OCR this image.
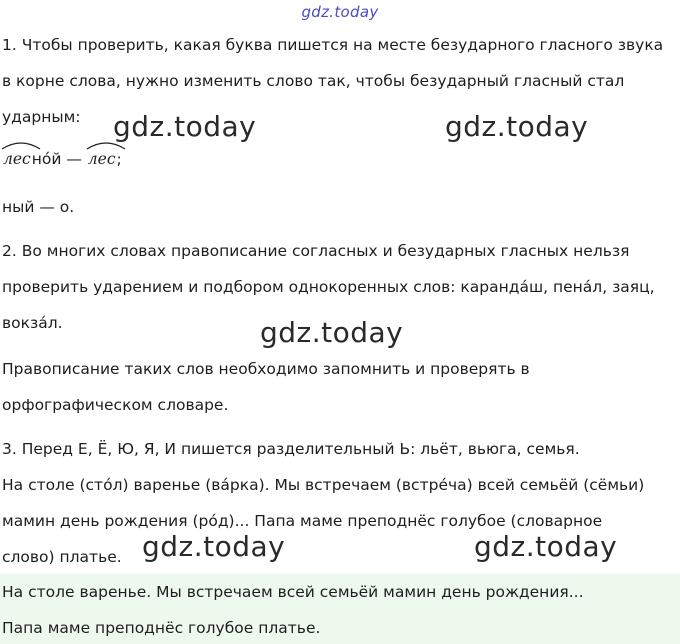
gdz.today
1. Чтобы проверить, какая буква пишется на месте безударного гласного звука
в корне слова, нужно изменить слово так, чтобы безударный гласный стал
ударным:
лесно́й —
лес;
ный — о.
2. Во многих словах правописание согласных и безударных гласных нельзя
проверить ударением и подбором однокоренных слов: карандáш, пенáл, заяц,
вокзáл.
Правописание таких слов необходимо запомнить и проверять в
орфографическом словаре.
3. Перед Е, Ё, Ю, Я, И пишется разделительный Ь: льёт, вьюга, семья.
На столе (сто́л) варенье (ва́рка). Мы встречаем (встре́ча) всей семьёй (сёмьи)
мамин день рождения (ро́д)... Папа маме преподнёс голубое (словарное
слово) платье.
На столе варенье. Мы встречаем всей семьёй мамин день рождения...
Папа маме преподнёс голубое платье.
gdz.today	gdz.today
gdz.today
gdz.today	gdz.today
